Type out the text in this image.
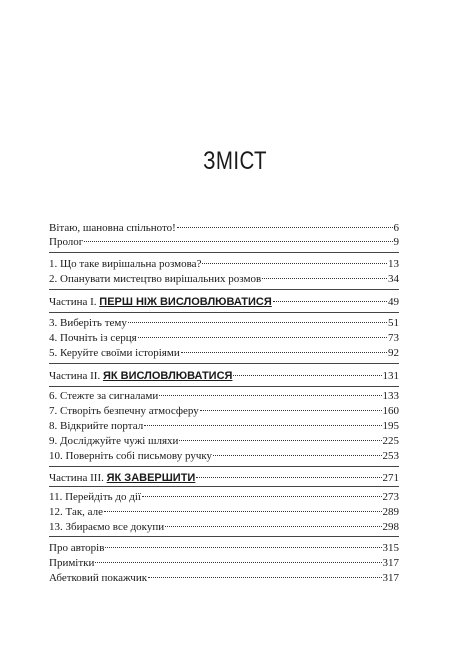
ЗМІСТ
Вітаю, шановна спільното!	6
Пролог	9
1. Що таке вирішальна розмова?	13
2. Опанувати мистецтво вирішальних розмов	34
Частина І. ПЕРШ НІЖ ВИСЛОВЛЮВАТИСЯ	49
3. Виберіть тему	51
4. Почніть із серця	73
5. Керуйте своїми історіями	92
Частина ІІ. ЯК ВИСЛОВЛЮВАТИСЯ	131
6. Стежте за сигналами	133
7. Створіть безпечну атмосферу	160
8. Відкрийте портал	195
9. Досліджуйте чужі шляхи	225
10. Поверніть собі письмову ручку	253
Частина ІІІ. ЯК ЗАВЕРШИТИ	271
11. Перейдіть до дії	273
12. Так, але	289
13. Збираємо все докупи	298
Про авторів	315
Примітки	317
Абетковий покажчик	317
